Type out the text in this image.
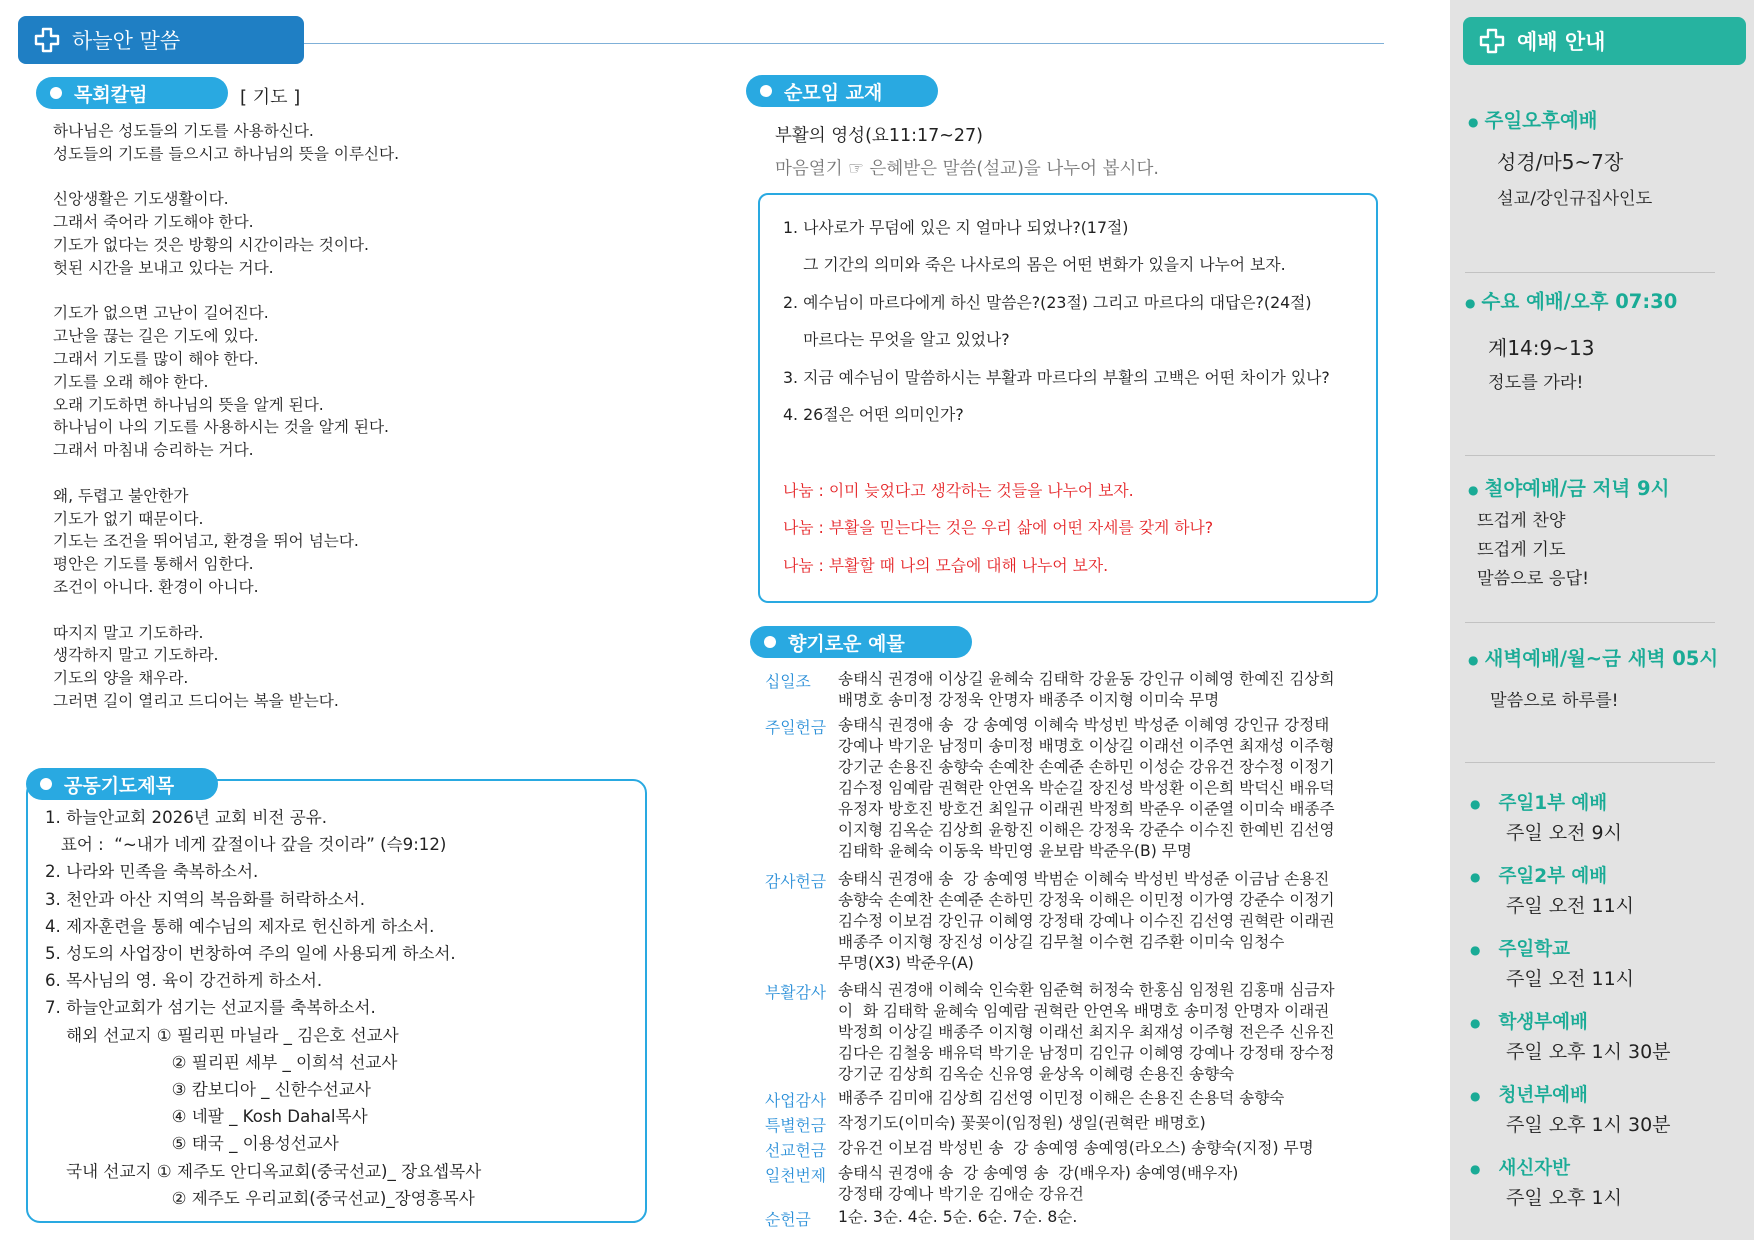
하늘안 말씀
목회칼럼	[ 기도 ]
하나님은 성도들의 기도를 사용하신다.
성도들의 기도를 들으시고 하나님의 뜻을 이루신다.

신앙생활은 기도생활이다.
그래서 죽어라 기도해야 한다.
기도가 없다는 것은 방황의 시간이라는 것이다.
헛된 시간을 보내고 있다는 거다.

기도가 없으면 고난이 길어진다.
고난을 끊는 길은 기도에 있다.
그래서 기도를 많이 해야 한다.
기도를 오래 해야 한다.
오래 기도하면 하나님의 뜻을 알게 된다.
하나님이 나의 기도를 사용하시는 것을 알게 된다.
그래서 마침내 승리하는 거다.

왜, 두렵고 불안한가
기도가 없기 때문이다.
기도는 조건을 뛰어넘고, 환경을 뛰어 넘는다.
평안은 기도를 통해서 임한다.
조건이 아니다. 환경이 아니다.

따지지 말고 기도하라.
생각하지 말고 기도하라.
기도의 양을 채우라.
그러면 길이 열리고 드디어는 복을 받는다.
공동기도제목
1. 하늘안교회 2026년 교회 비전 공유.
표어 :  “~내가 네게 갚절이나 갚을 것이라” (슥9:12)
2. 나라와 민족을 축복하소서.
3. 천안과 아산 지역의 복음화를 허락하소서.
4. 제자훈련을 통해 예수님의 제자로 헌신하게 하소서.
5. 성도의 사업장이 번창하여 주의 일에 사용되게 하소서.
6. 목사님의 영. 육이 강건하게 하소서.
7. 하늘안교회가 섬기는 선교지를 축복하소서.
해외 선교지 ① 필리핀 마닐라 _ 김은호 선교사
② 필리핀 세부 _ 이희석 선교사
③ 캄보디아 _ 신한수선교사
④ 네팔 _ Kosh Dahal목사
⑤ 태국 _ 이용성선교사
국내 선교지 ① 제주도 안디옥교회(중국선교)_ 장요셉목사
② 제주도 우리교회(중국선교)_장영흥목사
순모임 교재
부활의 영성(요11:17~27)
마음열기 ☞ 은혜받은 말씀(설교)을 나누어 봅시다.
1. 나사로가 무덤에 있은 지 얼마나 되었나?(17절)
그 기간의 의미와 죽은 나사로의 몸은 어떤 변화가 있을지 나누어 보자.
2. 예수님이 마르다에게 하신 말씀은?(23절) 그리고 마르다의 대답은?(24절)
마르다는 무엇을 알고 있었나?
3. 지금 예수님이 말씀하시는 부활과 마르다의 부활의 고백은 어떤 차이가 있나?
4. 26절은 어떤 의미인가?
나눔 : 이미 늦었다고 생각하는 것들을 나누어 보자.
나눔 : 부활을 믿는다는 것은 우리 삶에 어떤 자세를 갖게 하나?
나눔 : 부활할 때 나의 모습에 대해 나누어 보자.
향기로운 예물
십일조 송태식 권경애 이상길 윤혜숙 김태학 강윤동 강인규 이혜영 한예진 김상희
배명호 송미정 강정욱 안명자 배종주 이지형 이미숙 무명
주일헌금 송태식 권경애 송  강 송예영 이혜숙 박성빈 박성준 이혜영 강인규 강정태
강예나 박기운 남정미 송미정 배명호 이상길 이래선 이주연 최재성 이주형
강기군 손용진 송향숙 손예찬 손예준 손하민 이성순 강유건 장수정 이정기
김수정 임예람 권혁란 안연옥 박순길 장진성 박성환 이은희 박덕신 배유덕
유정자 방호진 방호건 최일규 이래권 박정희 박준우 이준열 이미숙 배종주
이지형 김옥순 김상희 윤항진 이해은 강정욱 강준수 이수진 한예빈 김선영
김태학 윤혜숙 이동욱 박민영 윤보람 박준우(B) 무명
감사헌금 송태식 권경애 송  강 송예영 박범순 이혜숙 박성빈 박성준 이금남 손용진
송향숙 손예찬 손예준 손하민 강정욱 이해은 이민정 이가영 강준수 이정기
김수정 이보검 강인규 이혜영 강정태 강예나 이수진 김선영 권혁란 이래권
배종주 이지형 장진성 이상길 김무철 이수현 김주환 이미숙 임청수
무명(X3) 박준우(A)
부활감사 송태식 권경애 이혜숙 인숙환 임준혁 허정숙 한홍심 임정원 김홍매 심금자
이  화 김태학 윤혜숙 임예람 권혁란 안연옥 배명호 송미정 안명자 이래권
박정희 이상길 배종주 이지형 이래선 최지우 최재성 이주형 전은주 신유진
김다은 김철웅 배유덕 박기운 남정미 김인규 이혜영 강예나 강정태 장수정
강기군 김상희 김옥순 신유영 윤상옥 이혜령 손용진 송향숙
사업감사 배종주 김미애 김상희 김선영 이민정 이해은 손용진 손용덕 송향숙
특별헌금 작정기도(이미숙) 꽃꽂이(임정원) 생일(권혁란 배명호)
선교헌금 강유건 이보검 박성빈 송  강 송예영 송예영(라오스) 송향숙(지정) 무명
일천번제 송태식 권경애 송  강 송예영 송  강(배우자) 송예영(배우자)
강정태 강예나 박기운 김애순 강유건
순헌금 1순. 3순. 4순. 5순. 6순. 7순. 8순.
예배 안내
● 주일오후예배
성경/마5~7장
설교/강인규집사인도
● 수요 예배/오후 07:30
계14:9~13
정도를 가라!
● 철야예배/금 저녁 9시
뜨겁게 찬양
뜨겁게 기도
말씀으로 응답!
● 새벽예배/월~금 새벽 05시
말씀으로 하루를!
● 주일1부 예배
주일 오전 9시
● 주일2부 예배
주일 오전 11시
● 주일학교
주일 오전 11시
● 학생부예배
주일 오후 1시 30분
● 청년부예배
주일 오후 1시 30분
● 새신자반
주일 오후 1시
